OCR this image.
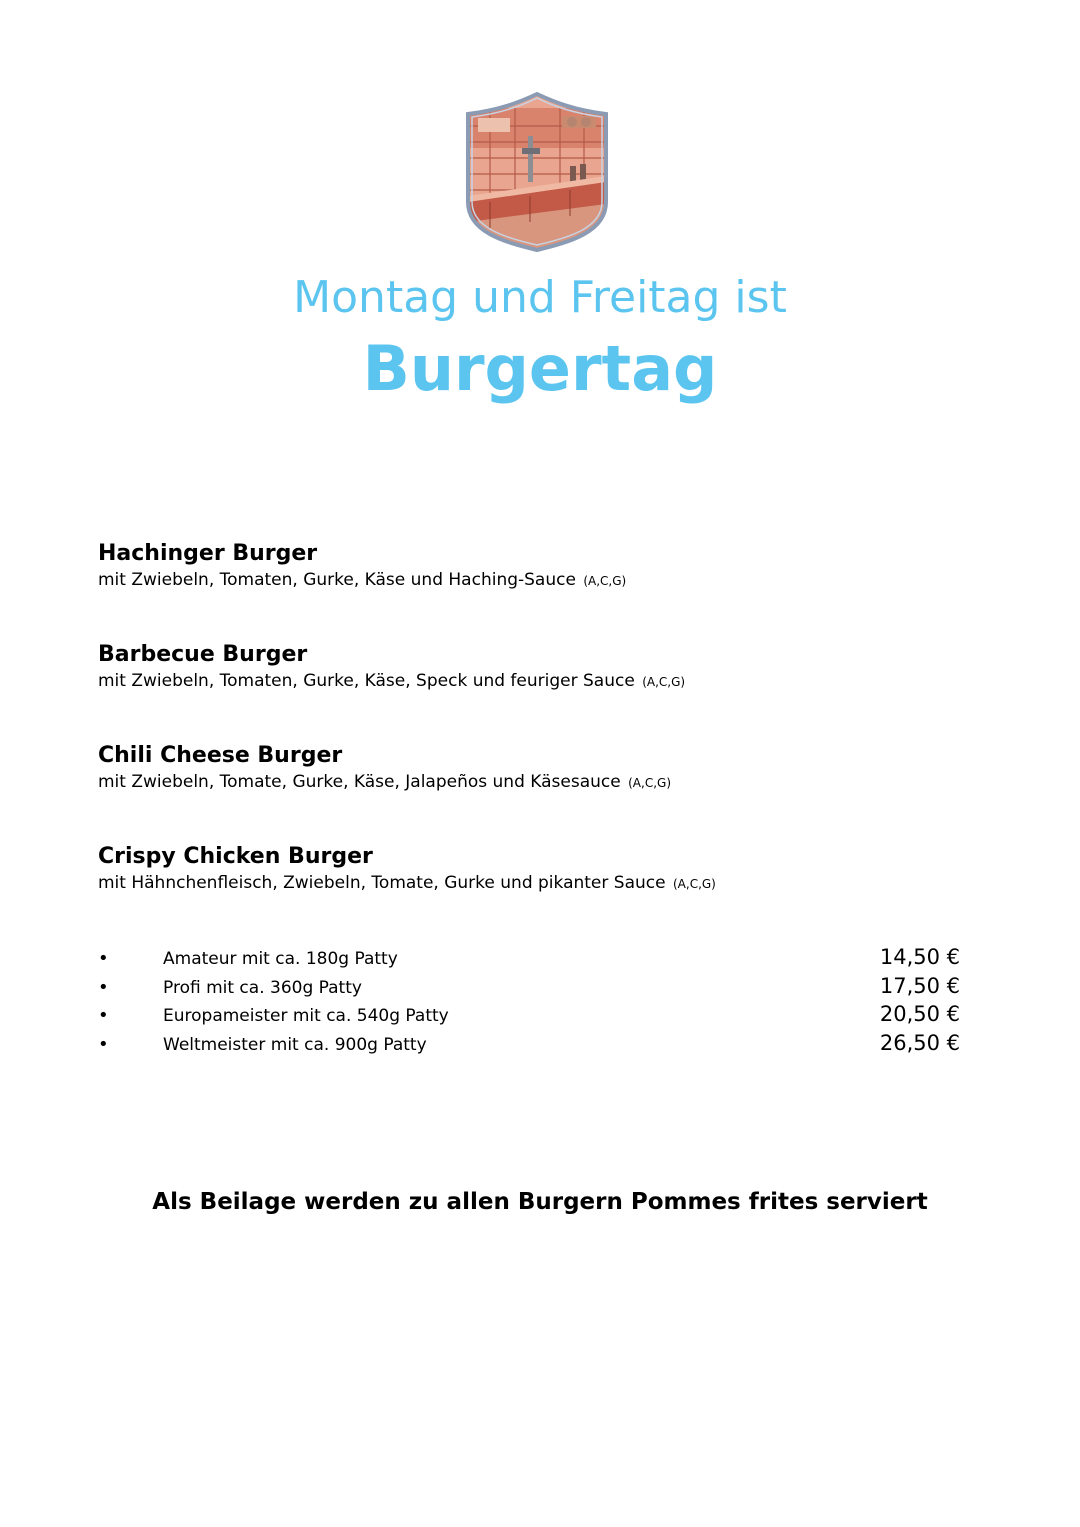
Montag und Freitag ist
Burgertag
Hachinger Burger
mit Zwiebeln, Tomaten, Gurke, Käse und Haching-Sauce (A,C,G)
Barbecue Burger
mit Zwiebeln, Tomaten, Gurke, Käse, Speck und feuriger Sauce (A,C,G)
Chili Cheese Burger
mit Zwiebeln, Tomate, Gurke, Käse, Jalapeños und Käsesauce (A,C,G)
Crispy Chicken Burger
mit Hähnchenfleisch, Zwiebeln, Tomate, Gurke und pikanter Sauce (A,C,G)
•	Amateur mit ca. 180g Patty	14,50 €
•	Profi mit ca. 360g Patty	17,50 €
•	Europameister mit ca. 540g Patty	20,50 €
•	Weltmeister mit ca. 900g Patty	26,50 €
Als Beilage werden zu allen Burgern Pommes frites serviert
